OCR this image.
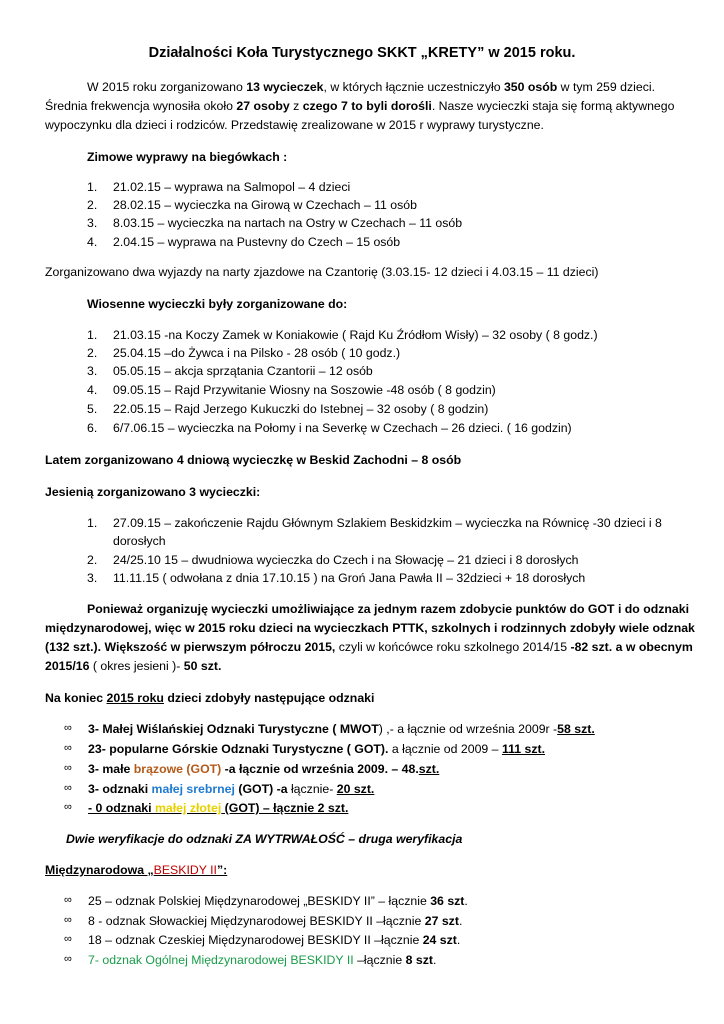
Działalności Koła Turystycznego SKKT „KRETY” w 2015 roku.
W 2015 roku zorganizowano 13 wycieczek, w których łącznie uczestniczyło 350 osób w tym 259 dzieci.
Średnia frekwencja wynosiła około 27 osoby z czego 7 to byli dorośli. Nasze wycieczki staja się formą aktywnego
wypoczynku dla dzieci i rodziców. Przedstawię zrealizowane w 2015 r wyprawy turystyczne.
Zimowe wyprawy na biegówkach :
1. 21.02.15 – wyprawa na Salmopol – 4 dzieci
2. 28.02.15 – wycieczka na Girową w Czechach – 11 osób
3. 8.03.15 – wycieczka na nartach na Ostry w Czechach – 11 osób
4. 2.04.15 – wyprawa na Pustevny do Czech – 15 osób
Zorganizowano dwa wyjazdy na narty zjazdowe na Czantorię (3.03.15- 12 dzieci i 4.03.15 – 11 dzieci)
Wiosenne wycieczki były zorganizowane do:
1. 21.03.15 -na Koczy Zamek w Koniakowie ( Rajd Ku Źródłom Wisły) – 32 osoby ( 8 godz.)
2. 25.04.15 –do Żywca i na Pilsko - 28 osób ( 10 godz.)
3. 05.05.15 – akcja sprzątania Czantorii – 12 osób
4. 09.05.15 – Rajd Przywitanie Wiosny na Soszowie -48 osób ( 8 godzin)
5. 22.05.15 – Rajd Jerzego Kukuczki do Istebnej – 32 osoby ( 8 godzin)
6. 6/7.06.15 – wycieczka na Połomy i na Severkę w Czechach – 26 dzieci. ( 16 godzin)
Latem zorganizowano 4 dniową wycieczkę w Beskid Zachodni – 8 osób
Jesienią zorganizowano 3 wycieczki:
1. 27.09.15 – zakończenie Rajdu Głównym Szlakiem Beskidzkim – wycieczka na Równicę -30 dzieci i 8
dorosłych
2. 24/25.10 15 – dwudniowa wycieczka do Czech i na Słowację – 21 dzieci i 8 dorosłych
3. 11.11.15 ( odwołana z dnia 17.10.15 ) na Groń Jana Pawła II – 32dzieci + 18 dorosłych
Ponieważ organizuję wycieczki umożliwiające za jednym razem zdobycie punktów do GOT i do odznaki
międzynarodowej, więc w 2015 roku dzieci na wycieczkach PTTK, szkolnych i rodzinnych zdobyły wiele odznak
(132 szt.). Większość w pierwszym półroczu 2015, czyli w końcówce roku szkolnego 2014/15 -82 szt. a w obecnym
2015/16 ( okres jesieni )- 50 szt.
Na koniec 2015 roku dzieci zdobyły następujące odznaki
∞ 3- Małej Wiślańskiej Odznaki Turystyczne ( MWOT) ,- a łącznie od września 2009r -58 szt.
∞ 23- popularne Górskie Odznaki Turystyczne ( GOT). a łącznie od 2009 – 111 szt.
∞ 3- małe brązowe (GOT) -a łącznie od września 2009. – 48.szt.
∞ 3- odznaki małej srebrnej (GOT) -a łącznie- 20 szt.
∞ - 0 odznaki małej złotej (GOT) – łącznie 2 szt.
Dwie weryfikacje do odznaki ZA WYTRWAŁOŚĆ – druga weryfikacja
Międzynarodowa „BESKIDY II”:
∞ 25 – odznak Polskiej Międzynarodowej „BESKIDY II” – łącznie 36 szt.
∞ 8 - odznak Słowackiej Międzynarodowej BESKIDY II –łącznie 27 szt.
∞ 18 – odznak Czeskiej Międzynarodowej BESKIDY II –łącznie 24 szt.
∞ 7- odznak Ogólnej Międzynarodowej BESKIDY II –łącznie 8 szt.
